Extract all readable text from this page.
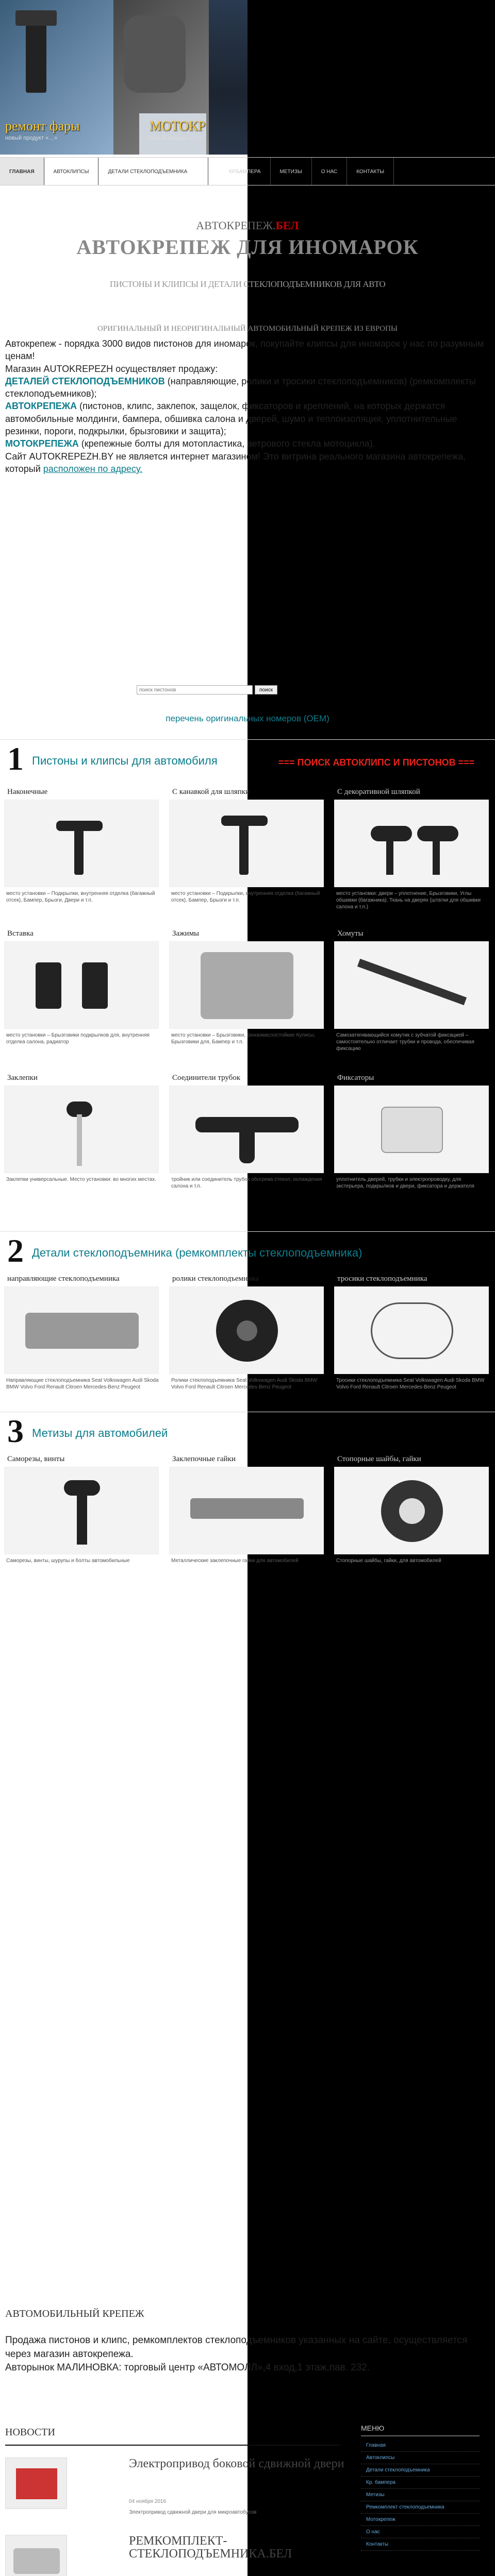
ремонт фары
новый продукт «…»
МОТОКР
новый продукт «…»
ГЛАВНАЯ	АВТОКЛИПСЫ	ДЕТАЛИ СТЕКЛОПОДЪЕМНИКА	КР.БАМПЕРА	МЕТИЗЫ	О НАС	КОНТАКТЫ
АВТОКРЕПЕЖ.БЕЛ
АВТОКРЕПЕЖ ДЛЯ ИНОМАРОК
ПИСТОНЫ И КЛИПСЫ И ДЕТАЛИ СТЕКЛОПОДЪЕМНИКОВ ДЛЯ АВТО
ОРИГИНАЛЬНЫЙ И НЕОРИГИНАЛЬНЫЙ АВТОМОБИЛЬНЫЙ КРЕПЕЖ ИЗ ЕВРОПЫ

Автокрепеж - порядка 3000 видов пистонов для иномарок, покупайте клипсы для иномарок у нас по разумным ценам!

Магазин AUTOKREPEZH осуществляет продажу:

ДЕТАЛЕЙ СТЕКЛОПОДЪЕМНИКОВ (направляющие, ролики и тросики стеклоподъемников) (ремкомплекты стеклоподъемников);

АВТОКРЕПЕЖА (пистонов, клипс, заклепок, защелок, фиксаторов и креплений, на которых держатся автомобильные молдинги, бампера, обшивка салона и дверей, шумо и теплоизоляция, уплотнительные резинки, пороги, подкрылки, брызговики и защита);

МОТОКРЕПЕЖА (крепежные болты для мотопластика, ветрового стекла мотоцикла).

Сайт AUTOKREPEZH.BY не является интернет магазином! Это витрина реального магазина автокрепежа, который расположен по адресу.

поиск пистонов
поиск
перечень оригинальных номеров (OEM)
1 Пистоны и клипсы для автомобиля	=== ПОИСК АВТОКЛИПС И ПИСТОНОВ ===
Наконечные
место установки – Подкрылки, внутренняя отделка (багажный отсек), Бампер, Брызги, Двери и т.п.
С канавкой для шляпки
место установки – Подкрылки, внутренняя отделка (багажный отсек), Бампер, Брызги и т.п.
С декоративной шляпкой
место установки: двери – уплотнение, Брызговики, Углы обшивки (багажника). Ткань на дверях (штатки для обшивки салона и т.п.)
Вставка
место установки – Брызговики подкрылков для, внутренняя отделка салона, радиатор
Зажимы
место установки – Брызговики, Бензомаслостойкие Кулисы, Брызговики для, Бампер и т.п.
Хомуты
Самозатягивающийся хомутик с зубчатой фиксацией – самостоятельно отличает трубки и провода, обеспечивая фиксацию
Заклепки
Заклепки универсальные. Место установки: во многих местах.
Соединители трубок
тройник или соединитель трубок обогрева стекол, охлаждения салона и т.п.
Фиксаторы
уплотнитель дверей, трубки и электропроводку, для экстерьера, подкрылков и двери, фиксатора и держателя
2 Детали стеклоподъемника (ремкомплекты стеклоподъемника)
направляющие стеклоподъемника
Направляющие стеклоподъемника Seat Volkswagen Audi Skoda BMW Volvo Ford Renault Citroen Mercedes-Benz Peugeot
ролики стеклоподъемника
Ролики стеклоподъемника Seat Volkswagen Audi Skoda BMW Volvo Ford Renault Citroen Mercedes-Benz Peugeot
тросики стеклоподъемника
Тросики стеклоподъемника Seat Volkswagen Audi Skoda BMW Volvo Ford Renault Citroen Mercedes-Benz Peugeot
3 Метизы для автомобилей
Саморезы, винты
Саморезы, винты, шурупы и болты автомобильные
Заклепочные гайки
Металлические заклепочные гайки для автомобилей
Стопорные шайбы, гайки
Стопорные шайбы, гайки, для автомобилей
АВТОМОБИЛЬНЫЙ КРЕПЕЖ

Продажа пистонов и клипс, ремкомплектов стеклоподъемников указанных на сайте, осуществляется через магазин автокрепежа.

Авторынок МАЛИНОВКА: торговый центр «АВТОМОЛЛ»,4 вход,1 этаж,пав. 232.

НОВОСТИ
Электропривод боковой сдвижной двери
04 ноября 2016
Электропривод сдвижной двери для микроавтобусов
РЕМКОМПЛЕКТ-СТЕКЛОПОДЪЕМНИКА.БЕЛ
МЕНЮ
Главная
Автоклипсы
Детали стеклоподъемника
Кр. бампера
Метизы
Ремкомплект стеклоподъемника
Мотокрепеж
О нас
Контакты
